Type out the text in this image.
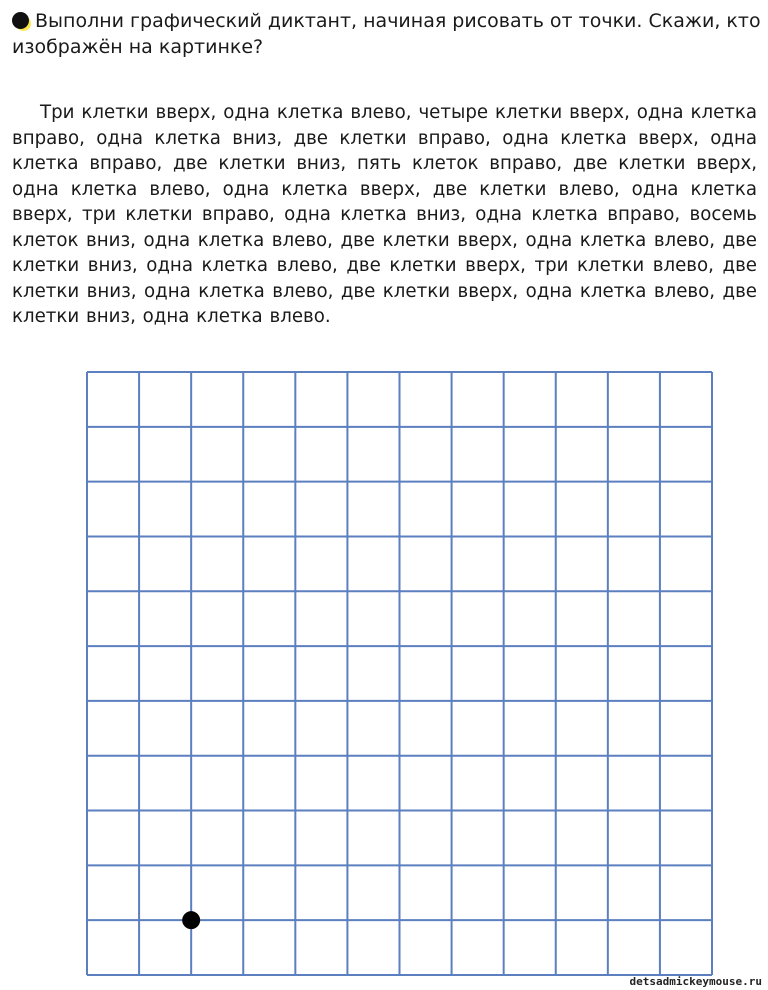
Выполни графический диктант, начиная рисовать от точки. Скажи, кто изображён на картинке?
Три клетки вверх, одна клетка влево, четыре клетки вверх, одна клетка вправо, одна клетка вниз, две клетки вправо, одна клетка вверх, одна клетка вправо, две клетки вниз, пять клеток вправо, две клетки вверх, одна клетка влево, одна клетка вверх, две клетки влево, одна клетка вверх, три клетки вправо, одна клетка вниз, одна клетка вправо, восемь клеток вниз, одна клетка влево, две клетки вверх, одна клетка влево, две клетки вниз, одна клетка влево, две клетки вверх, три клетки влево, две клетки вниз, одна клетка влево, две клетки вверх, одна клетка влево, две клетки вниз, одна клетка влево.
detsadmickeymouse.ru
